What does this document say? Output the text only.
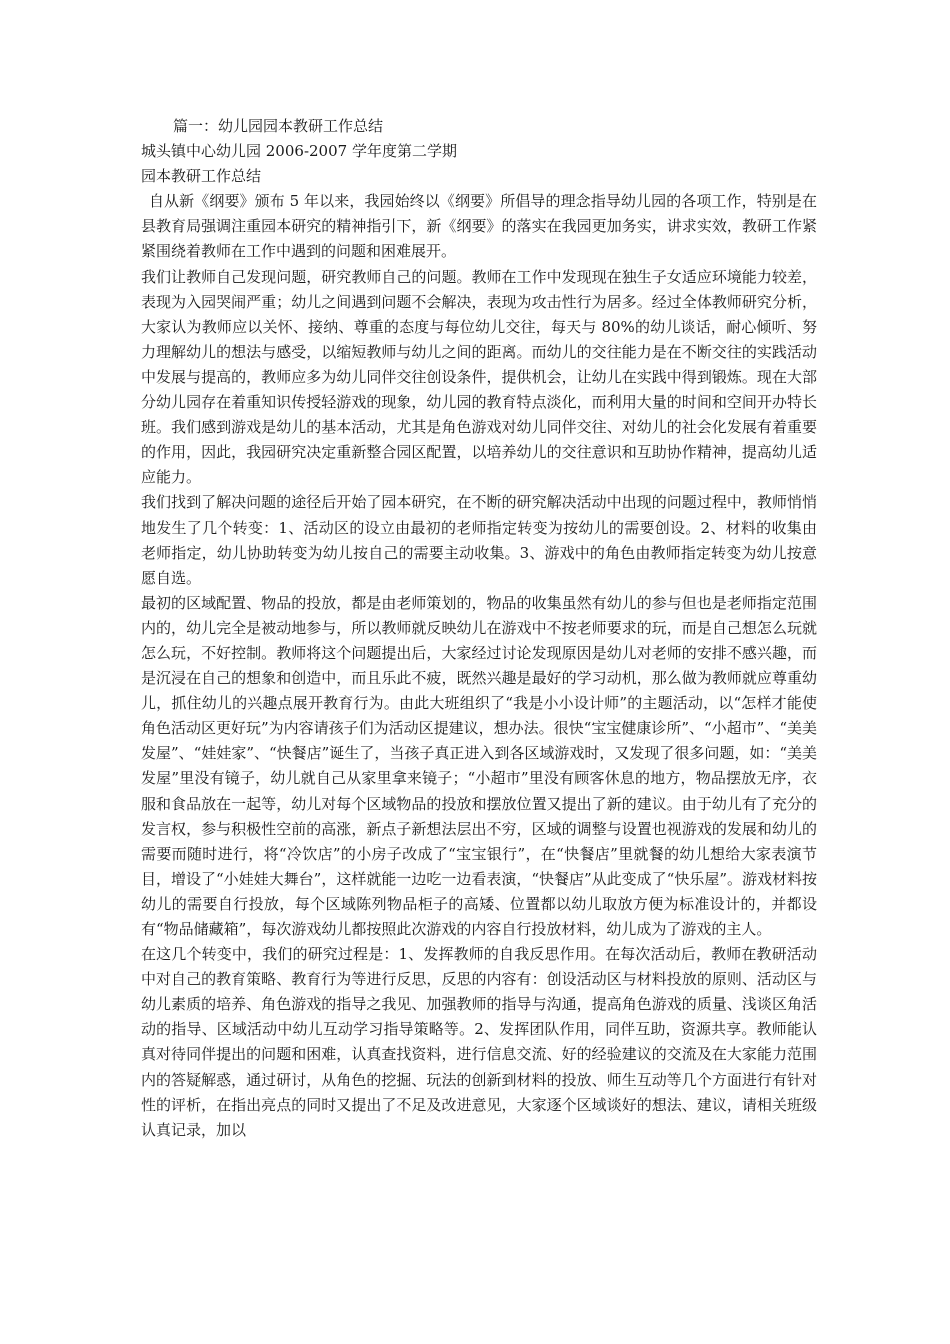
篇一：幼儿园园本教研工作总结

城头镇中心幼儿园 2006-2007 学年度第二学期

园本教研工作总结

自从新《纲要》颁布 5 年以来，我园始终以《纲要》所倡导的理念指导幼儿园的各项工作，特别是在县教育局强调注重园本研究的精神指引下，新《纲要》的落实在我园更加务实，讲求实效，教研工作紧紧围绕着教师在工作中遇到的问题和困难展开。

我们让教师自己发现问题，研究教师自己的问题。教师在工作中发现现在独生子女适应环境能力较差，表现为入园哭闹严重；幼儿之间遇到问题不会解决，表现为攻击性行为居多。经过全体教师研究分析，大家认为教师应以关怀、接纳、尊重的态度与每位幼儿交往，每天与 80%的幼儿谈话，耐心倾听、努力理解幼儿的想法与感受，以缩短教师与幼儿之间的距离。而幼儿的交往能力是在不断交往的实践活动中发展与提高的，教师应多为幼儿同伴交往创设条件，提供机会，让幼儿在实践中得到锻炼。现在大部分幼儿园存在着重知识传授轻游戏的现象，幼儿园的教育特点淡化，而利用大量的时间和空间开办特长班。我们感到游戏是幼儿的基本活动，尤其是角色游戏对幼儿同伴交往、对幼儿的社会化发展有着重要的作用，因此，我园研究决定重新整合园区配置，以培养幼儿的交往意识和互助协作精神，提高幼儿适应能力。

我们找到了解决问题的途径后开始了园本研究，在不断的研究解决活动中出现的问题过程中，教师悄悄地发生了几个转变：1、活动区的设立由最初的老师指定转变为按幼儿的需要创设。2、材料的收集由老师指定，幼儿协助转变为幼儿按自己的需要主动收集。3、游戏中的角色由教师指定转变为幼儿按意愿自选。

最初的区域配置、物品的投放，都是由老师策划的，物品的收集虽然有幼儿的参与但也是老师指定范围内的，幼儿完全是被动地参与，所以教师就反映幼儿在游戏中不按老师要求的玩，而是自己想怎么玩就怎么玩，不好控制。教师将这个问题提出后，大家经过讨论发现原因是幼儿对老师的安排不感兴趣，而是沉浸在自己的想象和创造中，而且乐此不疲，既然兴趣是最好的学习动机，那么做为教师就应尊重幼儿，抓住幼儿的兴趣点展开教育行为。由此大班组织了“我是小小设计师”的主题活动，以“怎样才能使角色活动区更好玩”为内容请孩子们为活动区提建议，想办法。很快“宝宝健康诊所”、“小超市”、“美美发屋”、“娃娃家”、“快餐店”诞生了，当孩子真正进入到各区域游戏时，又发现了很多问题，如：“美美发屋”里没有镜子，幼儿就自己从家里拿来镜子；“小超市”里没有顾客休息的地方，物品摆放无序，衣服和食品放在一起等，幼儿对每个区域物品的投放和摆放位置又提出了新的建议。由于幼儿有了充分的发言权，参与积极性空前的高涨，新点子新想法层出不穷，区域的调整与设置也视游戏的发展和幼儿的需要而随时进行，将“冷饮店”的小房子改成了“宝宝银行”，在“快餐店”里就餐的幼儿想给大家表演节目，增设了“小娃娃大舞台”，这样就能一边吃一边看表演，“快餐店”从此变成了“快乐屋”。游戏材料按幼儿的需要自行投放，每个区域陈列物品柜子的高矮、位置都以幼儿取放方便为标准设计的，并都设有“物品储藏箱”，每次游戏幼儿都按照此次游戏的内容自行投放材料，幼儿成为了游戏的主人。

在这几个转变中，我们的研究过程是：1、发挥教师的自我反思作用。在每次活动后，教师在教研活动中对自己的教育策略、教育行为等进行反思，反思的内容有：创设活动区与材料投放的原则、活动区与幼儿素质的培养、角色游戏的指导之我见、加强教师的指导与沟通，提高角色游戏的质量、浅谈区角活动的指导、区域活动中幼儿互动学习指导策略等。2、发挥团队作用，同伴互助，资源共享。教师能认真对待同伴提出的问题和困难，认真查找资料，进行信息交流、好的经验建议的交流及在大家能力范围内的答疑解惑，通过研讨，从角色的挖掘、玩法的创新到材料的投放、师生互动等几个方面进行有针对性的评析，在指出亮点的同时又提出了不足及改进意见，大家逐个区域谈好的想法、建议，请相关班级认真记录，加以
